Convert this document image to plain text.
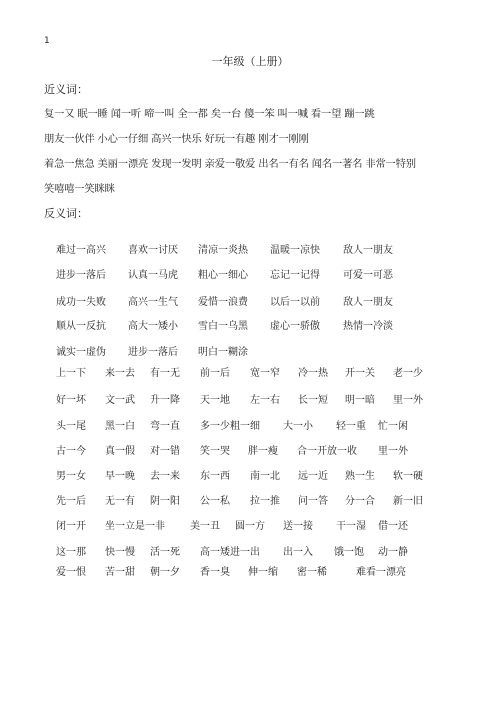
1
一年级（上册）
近义词：
复一又 眠一睡 闻一听 啼一叫 全一都 矣一台 傻一笨 叫一喊 看一望 蹦一跳
朋友一伙伴 小心一仔细 高兴一快乐 好玩一有趣 刚才一刚刚
着急一焦急 美丽一漂亮 发现一发明 亲爱一敬爱 出名一有名 闻名一著名 非常一特别
笑嘻嘻一笑眯眯
反义词：
难过一高兴 喜欢一讨厌 清凉一炎热 温暖一凉快 敌人一朋友
进步一落后 认真一马虎 粗心一细心 忘记一记得 可爱一可恶
成功一失败 高兴一生气 爱惜一浪费 以后一以前 敌人一朋友
顺从一反抗 高大一矮小 雪白一乌黑 虚心一骄傲 热情一冷淡
诚实一虚伪 进步一落后 明白一糊涂
上一下 来一去 有一无 前一后 宽一窄 冷一热 开一关 老一少
好一坏 文一武 升一降 天一地 左一右 长一短 明一暗 里一外
头一尾 黑一白 弯一直 多一少粗一细 大一小 轻一重 忙一闲
古一今 真一假 对一错 笑一哭 胖一瘦 合一开放一收 里一外
男一女 早一晚 去一来 东一西 南一北 远一近 熟一生 软一硬
先一后 无一有 阴一阳 公一私 拉一推 问一答 分一合 新一旧
闭一开 坐一立是一非	美一丑 圆一方 送一接 干一湿 借一还
这一那 快一慢 活一死 高一矮进一出 出一入 饿一饱 动一静
爱一恨 苦一甜 朝一夕 香一臭 伸一缩 密一稀	难看一漂亮
